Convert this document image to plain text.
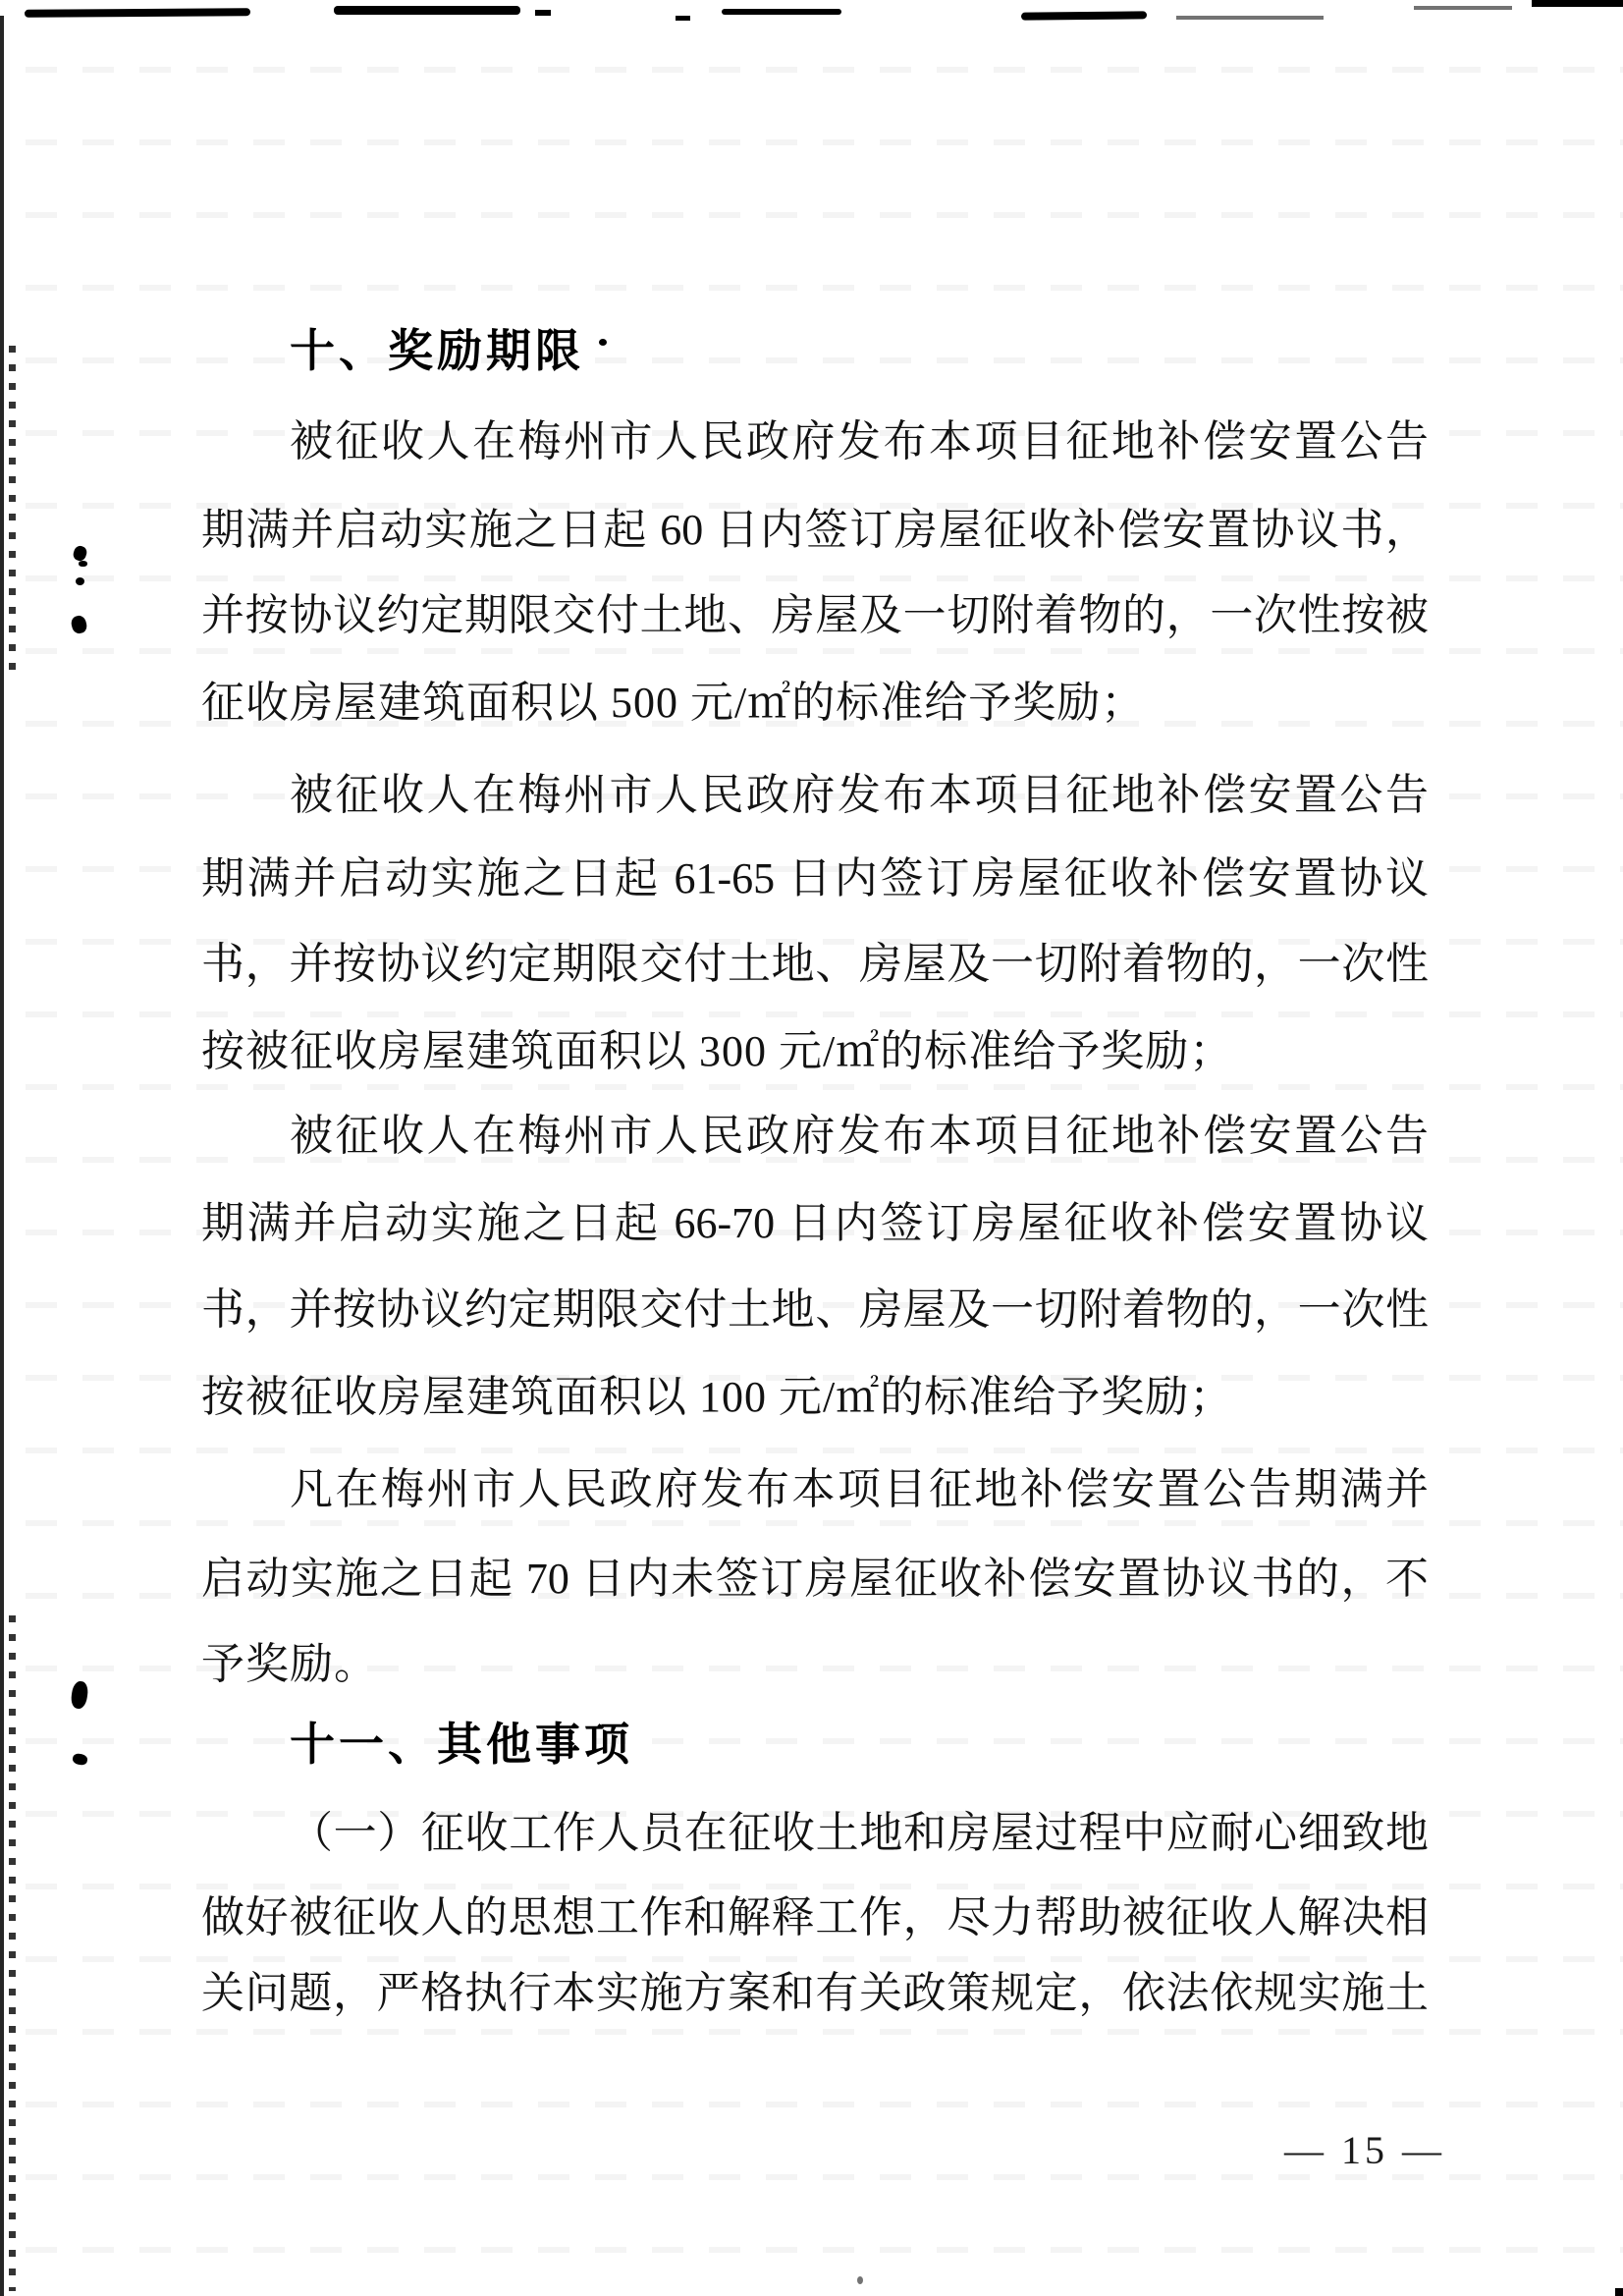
十、奖励期限
被征收人在梅州市人民政府发布本项目征地补偿安置公告
期满并启动实施之日起 60 日内签订房屋征收补偿安置协议书，
并按协议约定期限交付土地、房屋及一切附着物的，一次性按被
征收房屋建筑面积以 500 元/㎡的标准给予奖励；
被征收人在梅州市人民政府发布本项目征地补偿安置公告
期满并启动实施之日起 61-65 日内签订房屋征收补偿安置协议
书，并按协议约定期限交付土地、房屋及一切附着物的，一次性
按被征收房屋建筑面积以 300 元/㎡的标准给予奖励；
被征收人在梅州市人民政府发布本项目征地补偿安置公告
期满并启动实施之日起 66-70 日内签订房屋征收补偿安置协议
书，并按协议约定期限交付土地、房屋及一切附着物的，一次性
按被征收房屋建筑面积以 100 元/㎡的标准给予奖励；
凡在梅州市人民政府发布本项目征地补偿安置公告期满并
启动实施之日起 70 日内未签订房屋征收补偿安置协议书的，不
予奖励。
十一、其他事项
（一）征收工作人员在征收土地和房屋过程中应耐心细致地
做好被征收人的思想工作和解释工作，尽力帮助被征收人解决相
关问题，严格执行本实施方案和有关政策规定，依法依规实施土
— 15 —
